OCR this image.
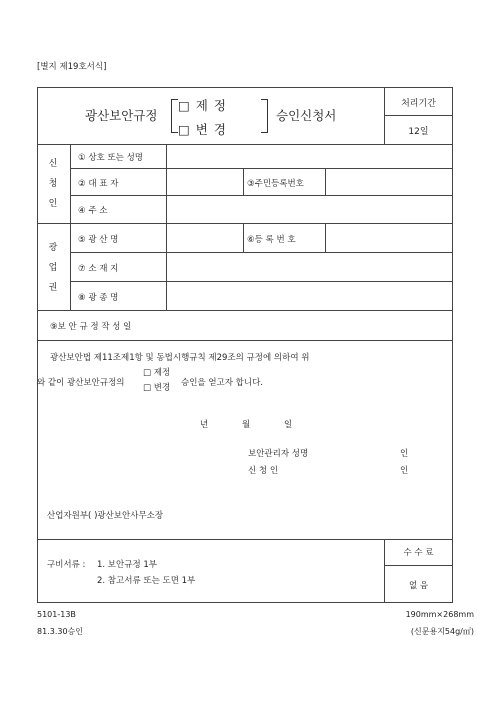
[별지 제19호서식]
광산보안규정
□ 제 정
□ 변 경
승인신청서
처리기간
12일
신
청
인
① 상호 또는 성명
② 대 표 자	③주민등록번호
④ 주 소
광
업
권
⑤ 광 산 명	⑥등 록 번 호
⑦ 소 재 지
⑧ 광 종 명
⑨보 안 규 정 작 성 일
광산보안법 제11조제1항 및 동법시행규칙 제29조의 규정에 의하여 위
와 같이 광산보안규정의
□ 제정
□ 변경 승인을 얻고자 합니다.
년	월	일
보안관리자 성명	인
신 청 인	인
산업자원부( )광산보안사무소장
구비서류 : 1. 보안규정 1부
2. 참고서류 또는 도면 1부
수 수 료
없 음
5101-13B
81.3.30승인
190mm×268mm
(신문용지54g/㎡)
